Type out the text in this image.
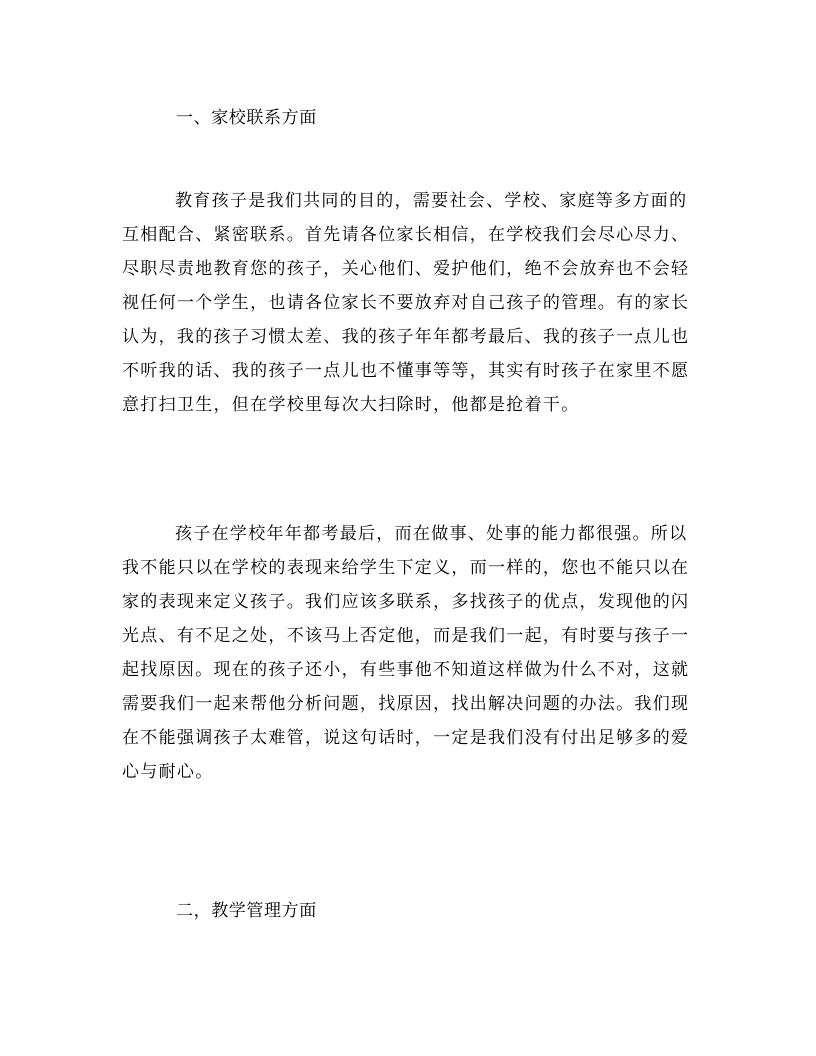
一、家校联系方面
教育孩子是我们共同的目的，需要社会、学校、家庭等多方面的
互相配合、紧密联系。首先请各位家长相信，在学校我们会尽心尽力、
尽职尽责地教育您的孩子，关心他们、爱护他们，绝不会放弃也不会轻
视任何一个学生，也请各位家长不要放弃对自己孩子的管理。有的家长
认为，我的孩子习惯太差、我的孩子年年都考最后、我的孩子一点儿也
不听我的话、我的孩子一点儿也不懂事等等，其实有时孩子在家里不愿
意打扫卫生，但在学校里每次大扫除时，他都是抢着干。
孩子在学校年年都考最后，而在做事、处事的能力都很强。所以
我不能只以在学校的表现来给学生下定义，而一样的，您也不能只以在
家的表现来定义孩子。我们应该多联系，多找孩子的优点，发现他的闪
光点、有不足之处，不该马上否定他，而是我们一起，有时要与孩子一
起找原因。现在的孩子还小，有些事他不知道这样做为什么不对，这就
需要我们一起来帮他分析问题，找原因，找出解决问题的办法。我们现
在不能强调孩子太难管，说这句话时，一定是我们没有付出足够多的爱
心与耐心。
二，教学管理方面
